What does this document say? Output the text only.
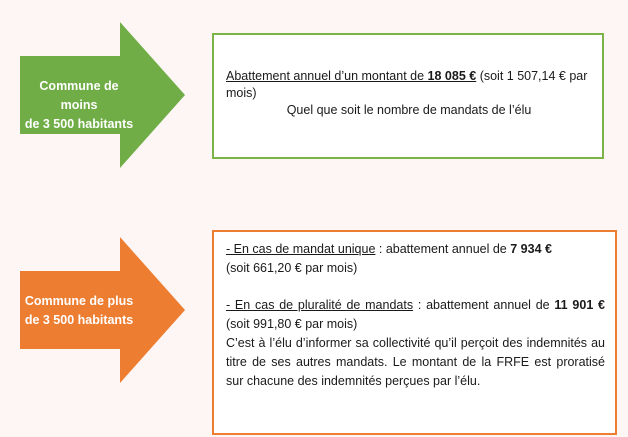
Commune de moins
de 3 500 habitants
Abattement annuel d’un montant de 18 085 € (soit 1 507,14 € par mois)
Quel que soit le nombre de mandats de l’élu
Commune de plus
de 3 500 habitants

- En cas de mandat unique : abattement annuel de 7 934 €
(soit 661,20 € par mois)

- En cas de pluralité de mandats : abattement annuel de 11 901 € (soit 991,80 € par mois)

C’est à l’élu d’informer sa collectivité qu’il perçoit des indemnités au titre de ses autres mandats. Le montant de la FRFE est proratisé sur chacune des indemnités perçues par l’élu.
